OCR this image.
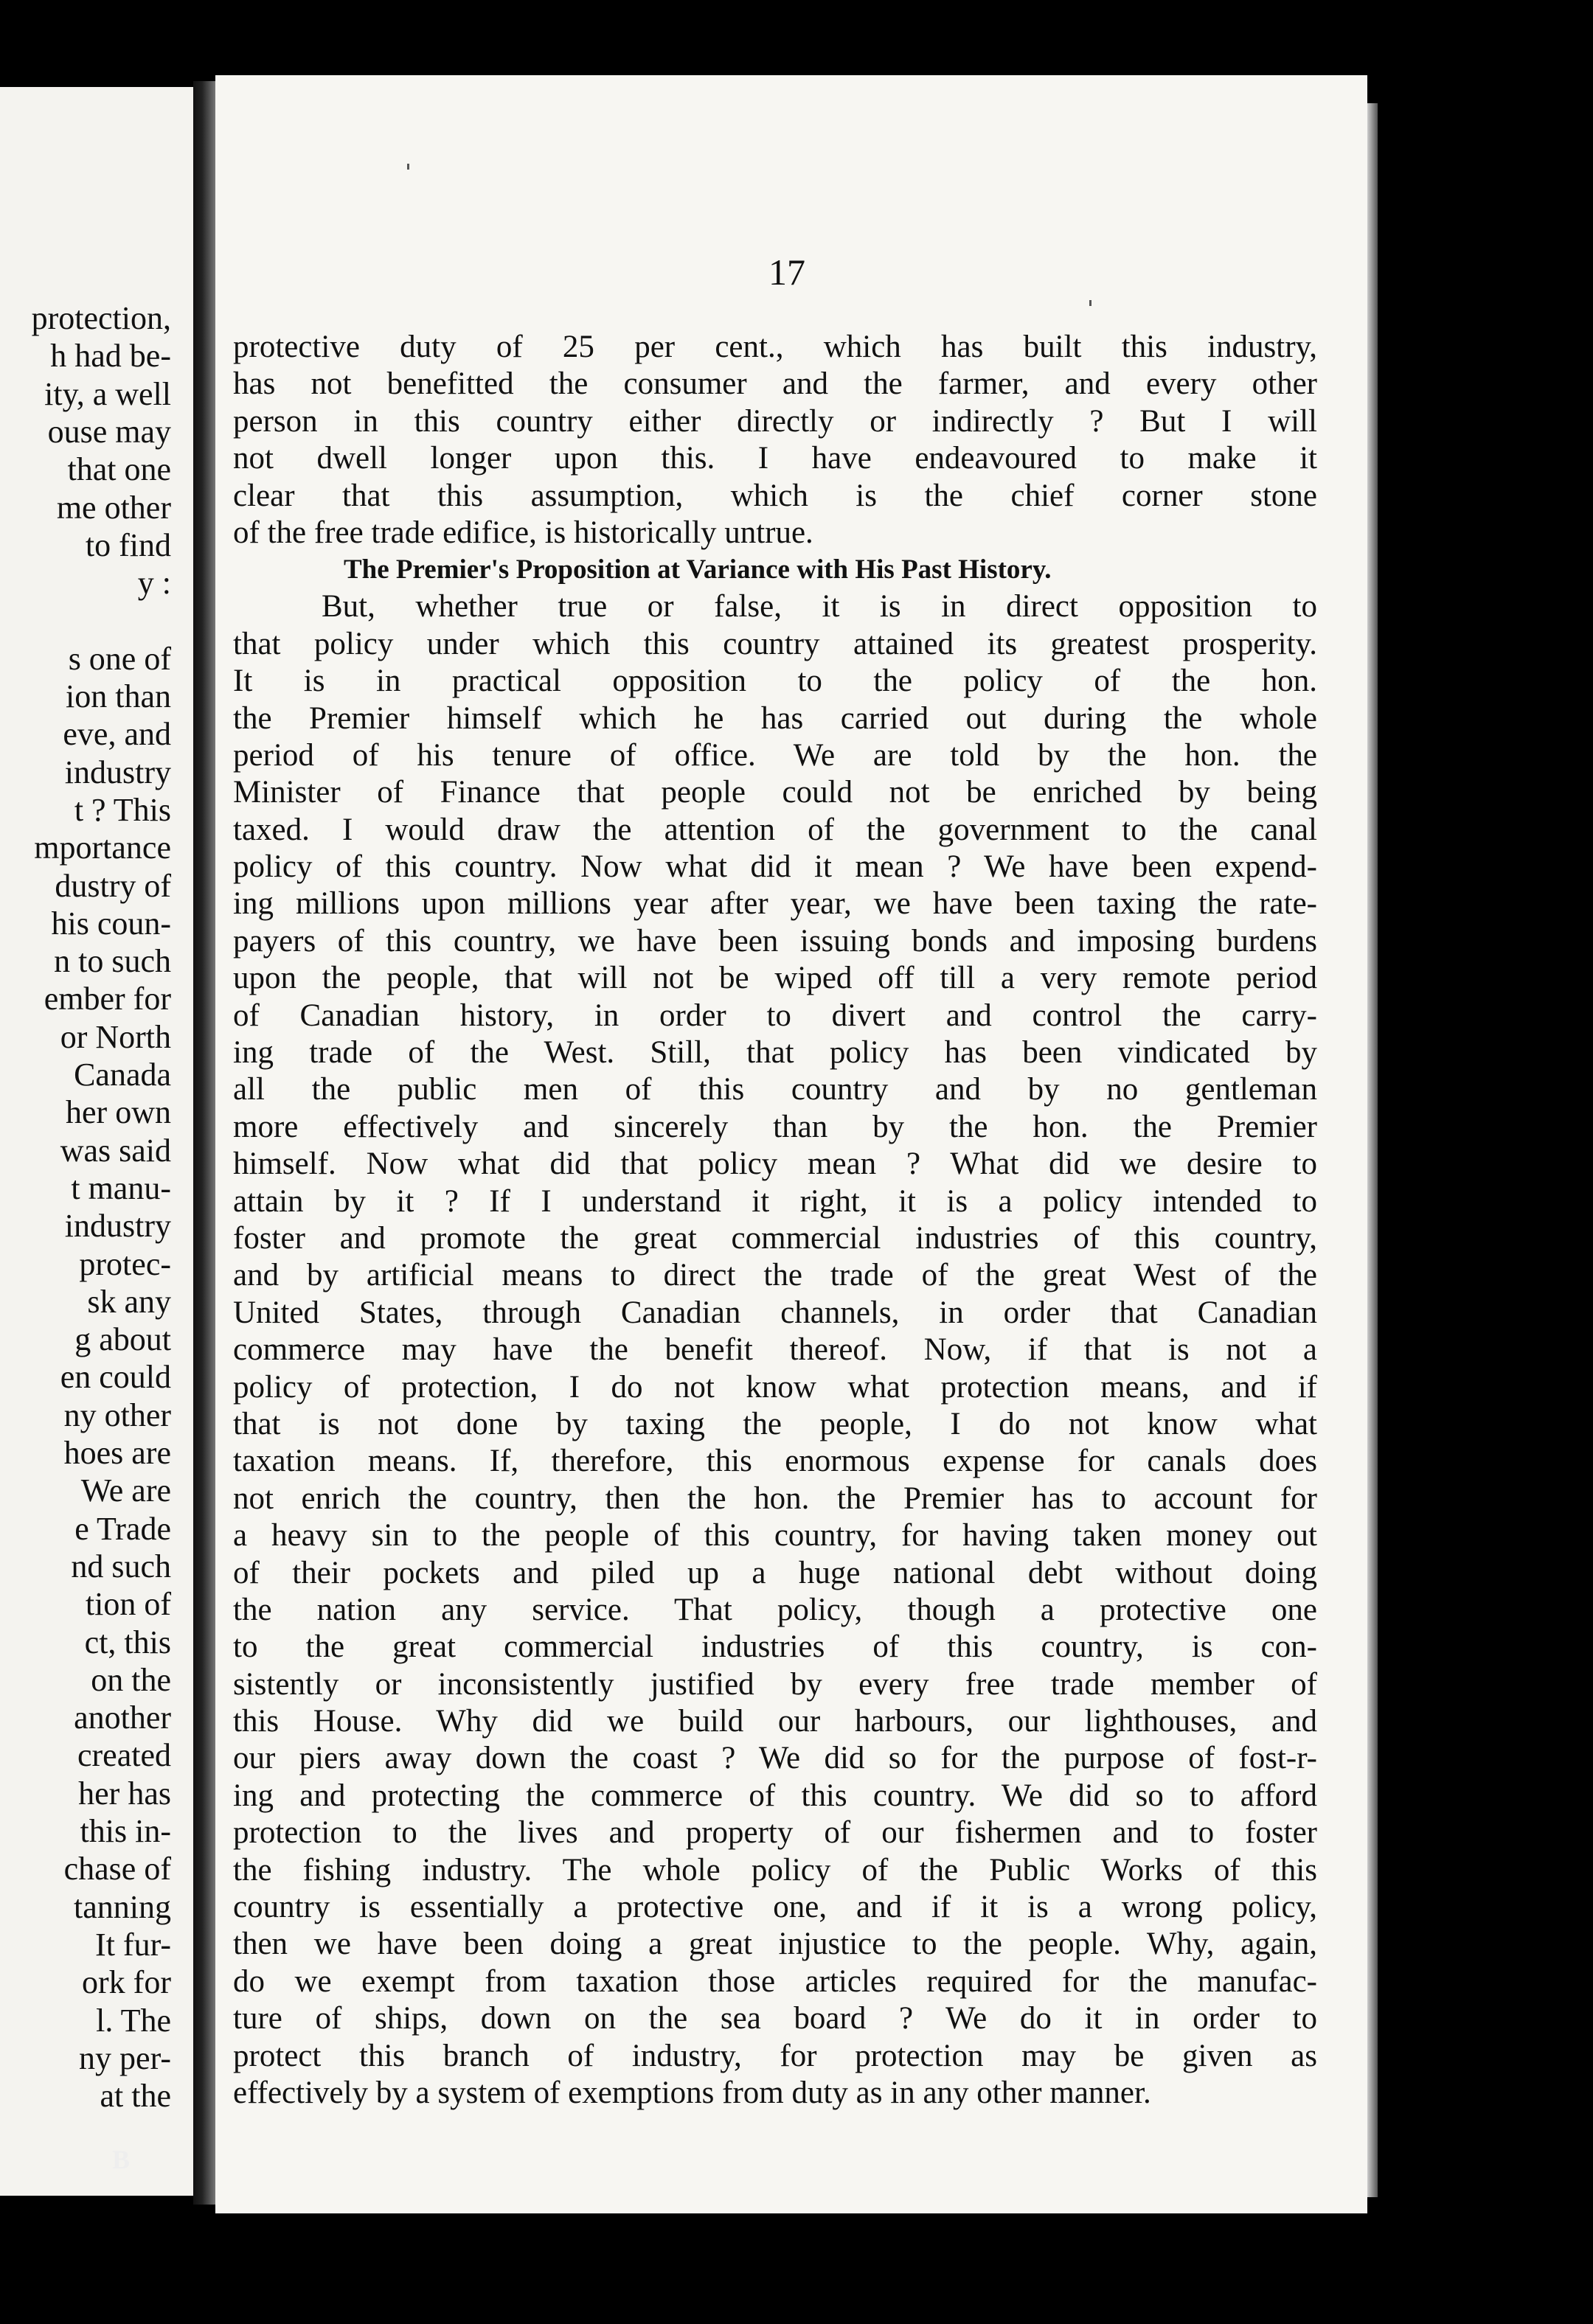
protection,
h had be-
ity, a well
ouse may
that one
me other
to find
y :
s one of
ion than
eve, and
industry
t ? This
mportance
dustry of
his coun-
n to such
ember for
or North
Canada
her own
was said
t manu-
industry
protec-
sk any
g about
en could
ny other
hoes are
We are
e Trade
nd such
tion of
ct, this
on the
another
created
her has
this in-
chase of
tanning
It fur-
ork for
l. The
ny per-
at the
17
protective duty of 25 per cent., which has built this industry,
has not benefitted the consumer and the farmer, and every other
person in this country either directly or indirectly ? But I will
not dwell longer upon this. I have endeavoured to make it
clear that this assumption, which is the chief corner stone
of the free trade edifice, is historically untrue.
The Premier's Proposition at Variance with His Past History.
But, whether true or false, it is in direct opposition to
that policy under which this country attained its greatest prosperity.
It is in practical opposition to the policy of the hon.
the Premier himself which he has carried out during the whole
period of his tenure of office. We are told by the hon. the
Minister of Finance that people could not be enriched by being
taxed. I would draw the attention of the government to the canal
policy of this country. Now what did it mean ? We have been expend-
ing millions upon millions year after year, we have been taxing the rate-
payers of this country, we have been issuing bonds and imposing burdens
upon the people, that will not be wiped off till a very remote period
of Canadian history, in order to divert and control the carry-
ing trade of the West. Still, that policy has been vindicated by
all the public men of this country and by no gentleman
more effectively and sincerely than by the hon. the Premier
himself. Now what did that policy mean ? What did we desire to
attain by it ? If I understand it right, it is a policy intended to
foster and promote the great commercial industries of this country,
and by artificial means to direct the trade of the great West of the
United States, through Canadian channels, in order that Canadian
commerce may have the benefit thereof. Now, if that is not a
policy of protection, I do not know what protection means, and if
that is not done by taxing the people, I do not know what
taxation means. If, therefore, this enormous expense for canals does
not enrich the country, then the hon. the Premier has to account for
a heavy sin to the people of this country, for having taken money out
of their pockets and piled up a huge national debt without doing
the nation any service. That policy, though a protective one
to the great commercial industries of this country, is con-
sistently or inconsistently justified by every free trade member of
this House. Why did we build our harbours, our lighthouses, and
our piers away down the coast ? We did so for the purpose of fost-r-
ing and protecting the commerce of this country. We did so to afford
protection to the lives and property of our fishermen and to foster
the fishing industry. The whole policy of the Public Works of this
country is essentially a protective one, and if it is a wrong policy,
then we have been doing a great injustice to the people. Why, again,
do we exempt from taxation those articles required for the manufac-
ture of ships, down on the sea board ? We do it in order to
protect this branch of industry, for protection may be given as
effectively by a system of exemptions from duty as in any other manner.
B
